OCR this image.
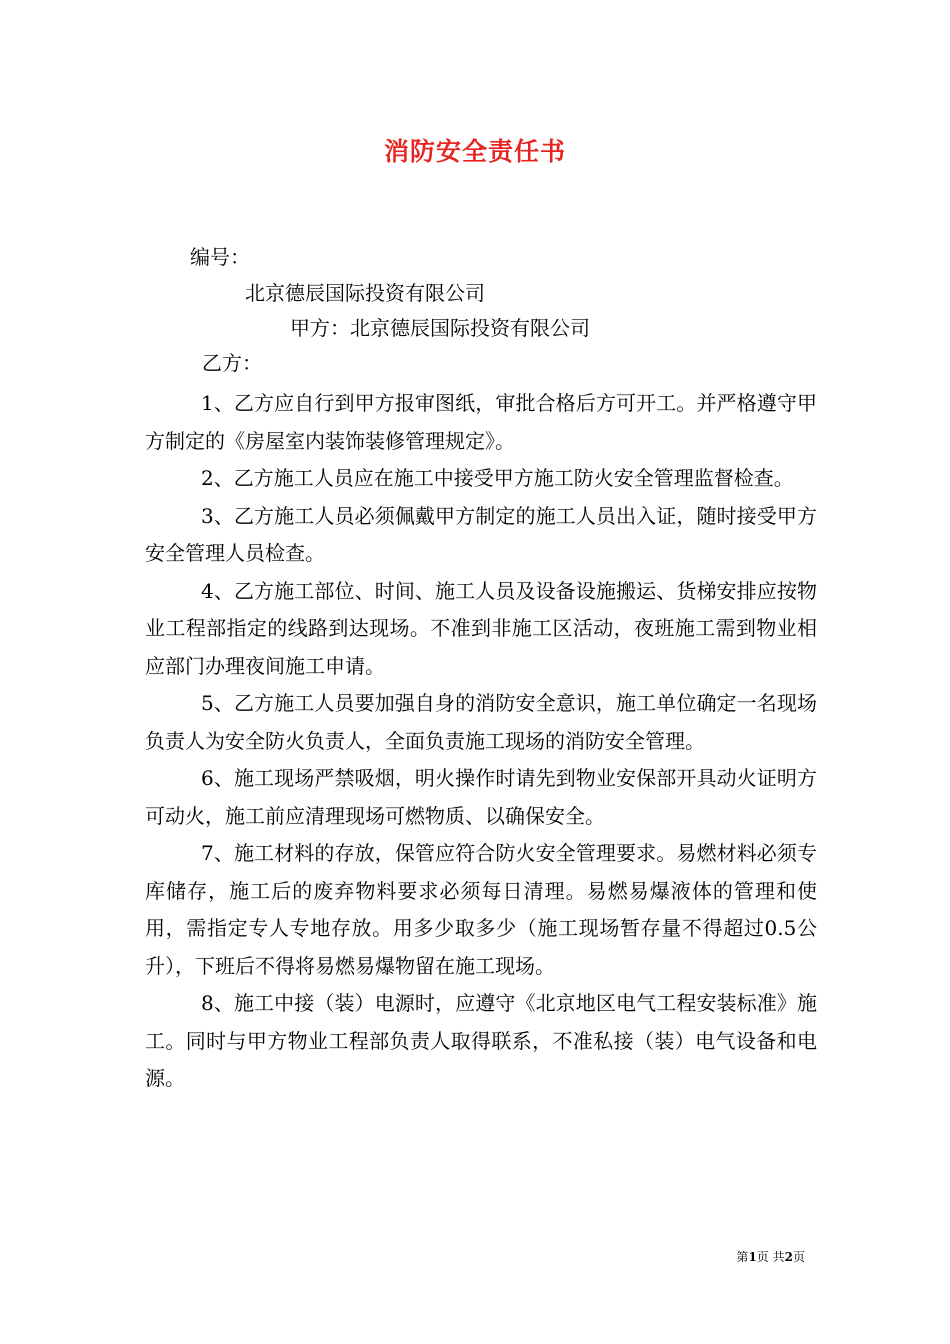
消防安全责任书
编号：
北京德辰国际投资有限公司
甲方：北京德辰国际投资有限公司
乙方：

1、乙方应自行到甲方报审图纸，审批合格后方可开工。并严格遵守甲方制定的《房屋室内装饰装修管理规定》。

2、乙方施工人员应在施工中接受甲方施工防火安全管理监督检查。

3、乙方施工人员必须佩戴甲方制定的施工人员出入证，随时接受甲方安全管理人员检查。

4、乙方施工部位、时间、施工人员及设备设施搬运、货梯安排应按物业工程部指定的线路到达现场。不准到非施工区活动，夜班施工需到物业相应部门办理夜间施工申请。

5、乙方施工人员要加强自身的消防安全意识，施工单位确定一名现场负责人为安全防火负责人，全面负责施工现场的消防安全管理。

6、施工现场严禁吸烟，明火操作时请先到物业安保部开具动火证明方可动火，施工前应清理现场可燃物质、以确保安全。

7、施工材料的存放，保管应符合防火安全管理要求。易燃材料必须专库储存，施工后的废弃物料要求必须每日清理。易燃易爆液体的管理和使用，需指定专人专地存放。用多少取多少（施工现场暂存量不得超过0.5公升），下班后不得将易燃易爆物留在施工现场。

8、施工中接（装）电源时，应遵守《北京地区电气工程安装标准》施工。同时与甲方物业工程部负责人取得联系，不准私接（装）电气设备和电源。

第1页 共2页
